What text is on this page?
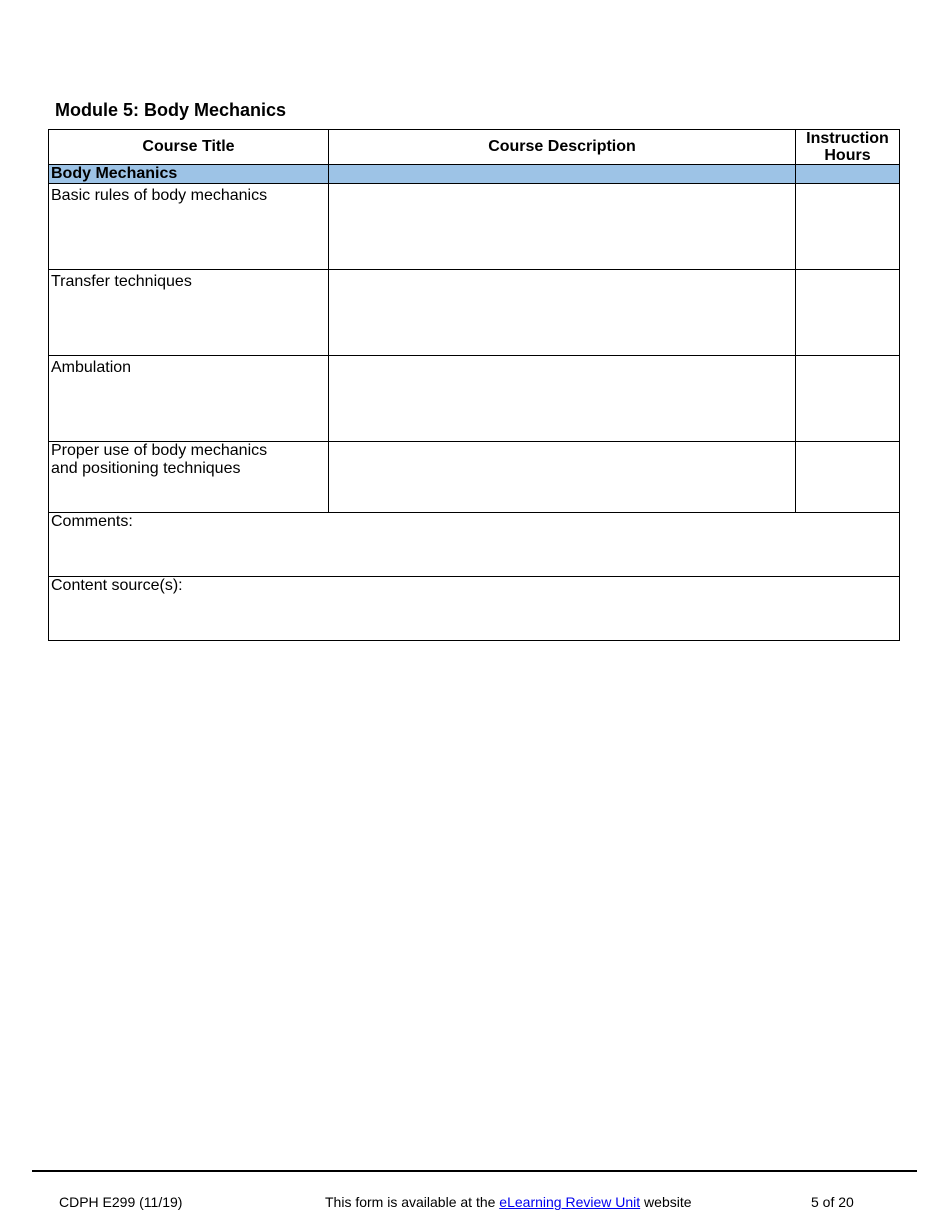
Module 5: Body Mechanics
Course Title	Course Description	Instruction
Hours
Body Mechanics		
Basic rules of body mechanics		
Transfer techniques		
Ambulation		
Proper use of body mechanics
and positioning techniques		
Comments:		
Content source(s):		
CDPH E299 (11/19)	This form is available at the eLearning Review Unit website	5 of 20
